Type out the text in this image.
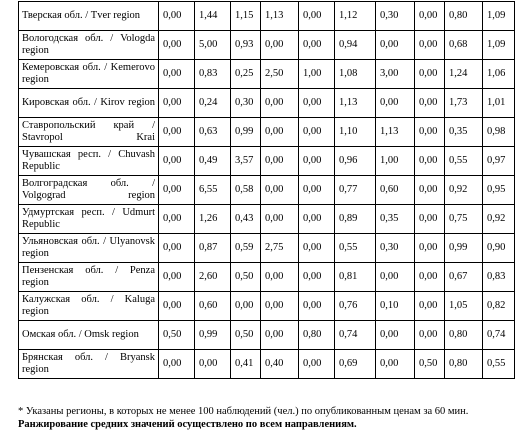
Тверская обл. / Tver region	0,00	1,44	1,15	1,13	0,00	1,12	0,30	0,00	0,80	1,09
Вологодская обл. / Vologda region	0,00	5,00	0,93	0,00	0,00	0,94	0,00	0,00	0,68	1,09
Кемеровская обл. / Kemerovo region	0,00	0,83	0,25	2,50	1,00	1,08	3,00	0,00	1,24	1,06
Кировская обл. / Kirov region	0,00	0,24	0,30	0,00	0,00	1,13	0,00	0,00	1,73	1,01
Ставропольский край / Stavropol Krai	0,00	0,63	0,99	0,00	0,00	1,10	1,13	0,00	0,35	0,98
Чувашская респ. / Chuvash Republic	0,00	0,49	3,57	0,00	0,00	0,96	1,00	0,00	0,55	0,97
Волгоградская обл. / Volgograd region	0,00	6,55	0,58	0,00	0,00	0,77	0,60	0,00	0,92	0,95
Удмуртская респ. / Udmurt Republic	0,00	1,26	0,43	0,00	0,00	0,89	0,35	0,00	0,75	0,92
Ульяновская обл. / Ulyanovsk region	0,00	0,87	0,59	2,75	0,00	0,55	0,30	0,00	0,99	0,90
Пензенская обл. / Penza region	0,00	2,60	0,50	0,00	0,00	0,81	0,00	0,00	0,67	0,83
Калужская обл. / Kaluga region	0,00	0,60	0,00	0,00	0,00	0,76	0,10	0,00	1,05	0,82
Омская обл. / Omsk region	0,50	0,99	0,50	0,00	0,80	0,74	0,00	0,00	0,80	0,74
Брянская обл. / Bryansk region	0,00	0,00	0,41	0,40	0,00	0,69	0,00	0,50	0,80	0,55
* Указаны регионы, в которых не менее 100 наблюдений (чел.) по опубликованным ценам за 60 мин.
Ранжирование средних значений осуществлено по всем направлениям.
